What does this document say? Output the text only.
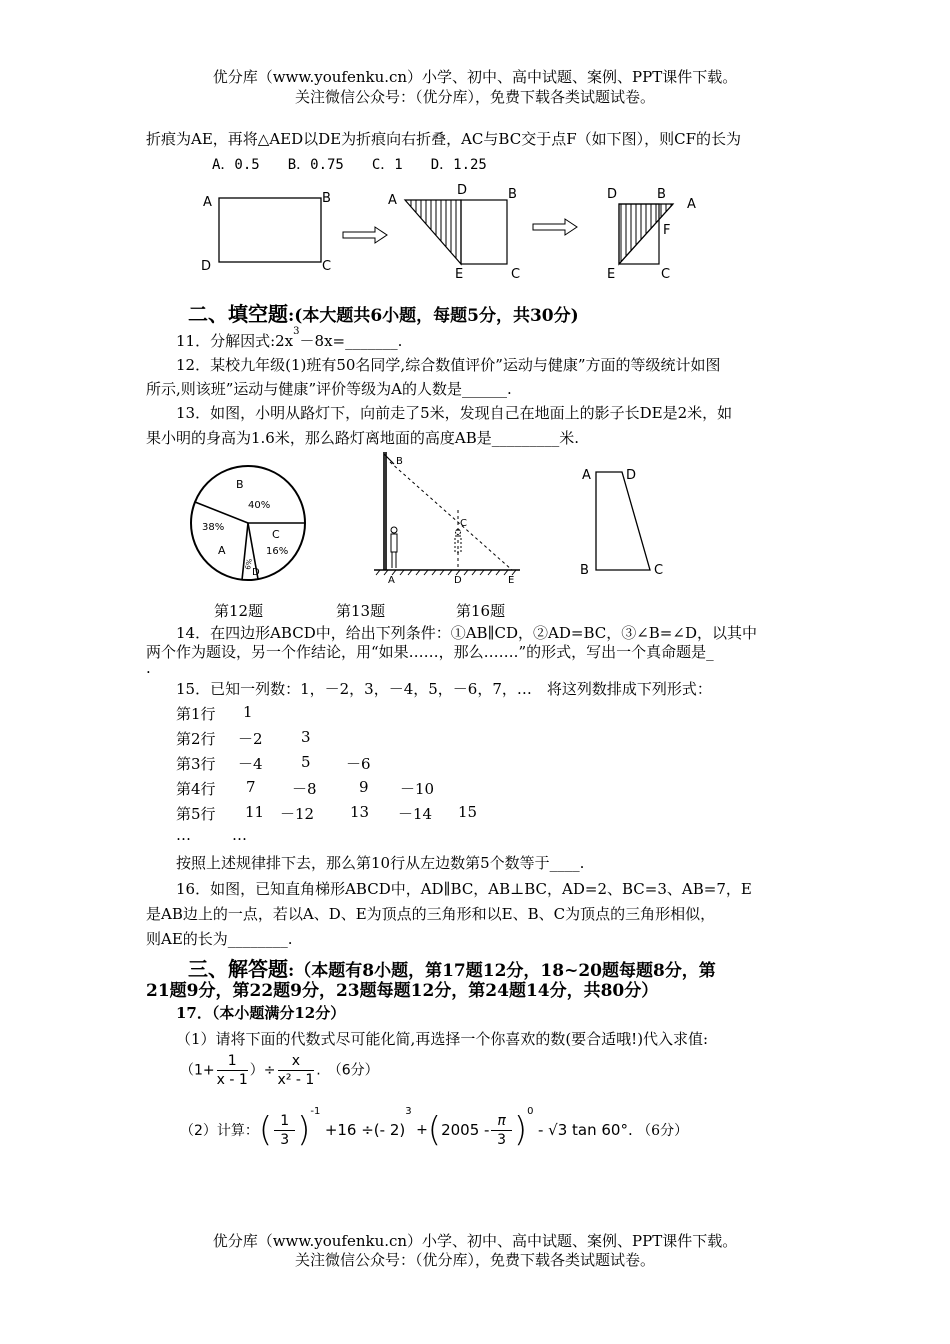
优分库（www.youfenku.cn）小学、初中、高中试题、案例、PPT课件下载。
关注微信公众号：（优分库），免费下载各类试题试卷。
折痕为AE，再将△AED以DE为折痕向右折叠，AC与BC交于点F（如下图），则CF的长为
A．0.5　　B．0.75　　C．1　　D．1.25
A	B
D	C
A
D	B
E	C
D	B
A
F
E	C
二、填空题:(本大题共6小题，每题5分，共30分)
11．分解因式$:2x^3-8x=\_\_\_\_\_\_\_$.
12．某校九年级(1)班有50名同学,综合数值评价”运动与健康”方面的等级统计如图
所示,则该班”运动与健康”评价等级为A的人数是______.
13．如图，小明从路灯下，向前走了5米，发现自己在地面上的影子长DE是2米，如
果小明的身高为1.6米，那么路灯离地面的高度AB是_________米.
B
40%
C
16%
D
6%
38%
A
B
C
A	D	E
A	D
B	C
第12题	第13题	第16题
14．在四边形ABCD中，给出下列条件：①AB∥CD，②AD=BC，③∠B=∠D，以其中
两个作为题设，另一个作结论，用“如果……，那么…….”的形式，写出一个真命题是_
.
15．已知一列数：1，－2，3，－4，5，－6，7，…　将这列数排成下列形式：
第1行 1
第2行 －2	3
第3行 －4	5 －6
第4行 7 －8	9 －10
第5行 11 －12 13 －14 15
…	…
按照上述规律排下去，那么第10行从左边数第5个数等于____.
16．如图，已知直角梯形ABCD中，AD∥BC，AB⊥BC，AD=2、BC=3、AB=7，E
是AB边上的一点，若以A、D、E为顶点的三角形和以E、B、C为顶点的三角形相似，
则AE的长为________.
三、解答题:（本题有8小题，第17题12分，18~20题每题8分，第
21题9分，第22题9分，23题每题12分，第24题14分，共80分）
17．（本小题满分12分）
（1）请将下面的代数式尽可能化简,再选择一个你喜欢的数(要合适哦!)代入求值:
（$1+ \frac{1}{x - 1}$ ）÷ $\frac{x}{\text{x² - 1}}$ .　（6分）
（2）计算：( $\frac{1}{3} )^{-1} +16$ ÷(- $2)^3 +(2005 - \frac{\pi}{3} )^0 - √3$ tan 60°. （6分）
优分库（www.youfenku.cn）小学、初中、高中试题、案例、PPT课件下载。
关注微信公众号：（优分库），免费下载各类试题试卷。
